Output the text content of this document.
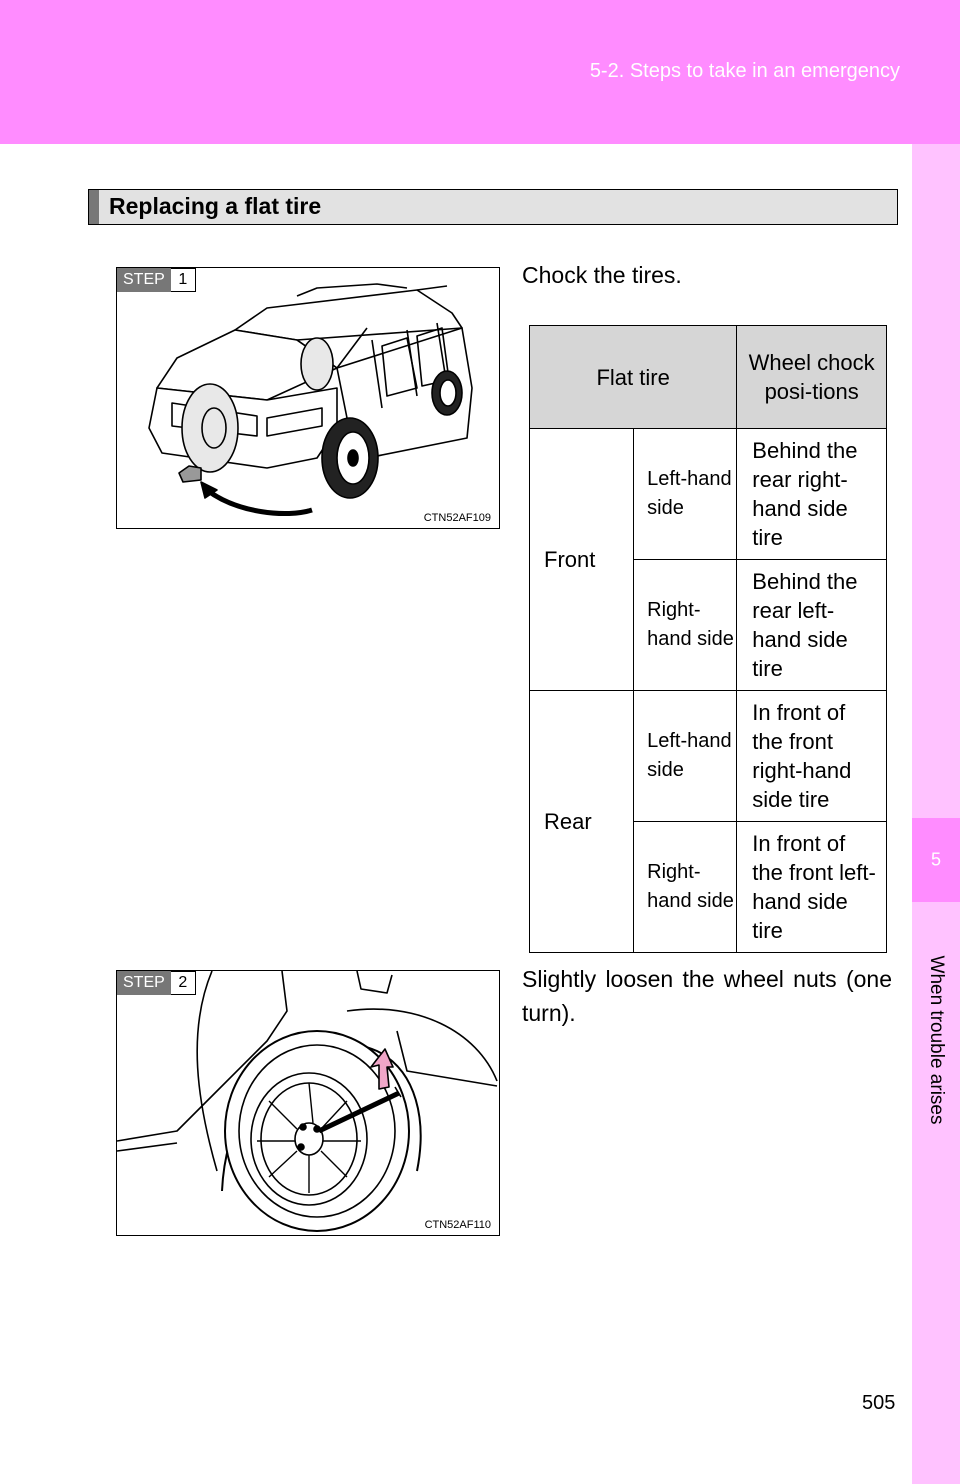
5-2. Steps to take in an emergency
5
When trouble arises
Replacing a flat tire
STEP 1
CTN52AF109
Chock the tires.
Flat tire		Wheel chock posi-tions
Front	Left-hand side	Behind the rear right-hand side tire
	Right-hand side	Behind the rear left-hand side tire
Rear	Left-hand side	In front of the front right-hand side tire
	Right-hand side	In front of the front left-hand side tire
STEP 2
CTN52AF110
Slightly loosen the wheel nuts (one turn).
505
